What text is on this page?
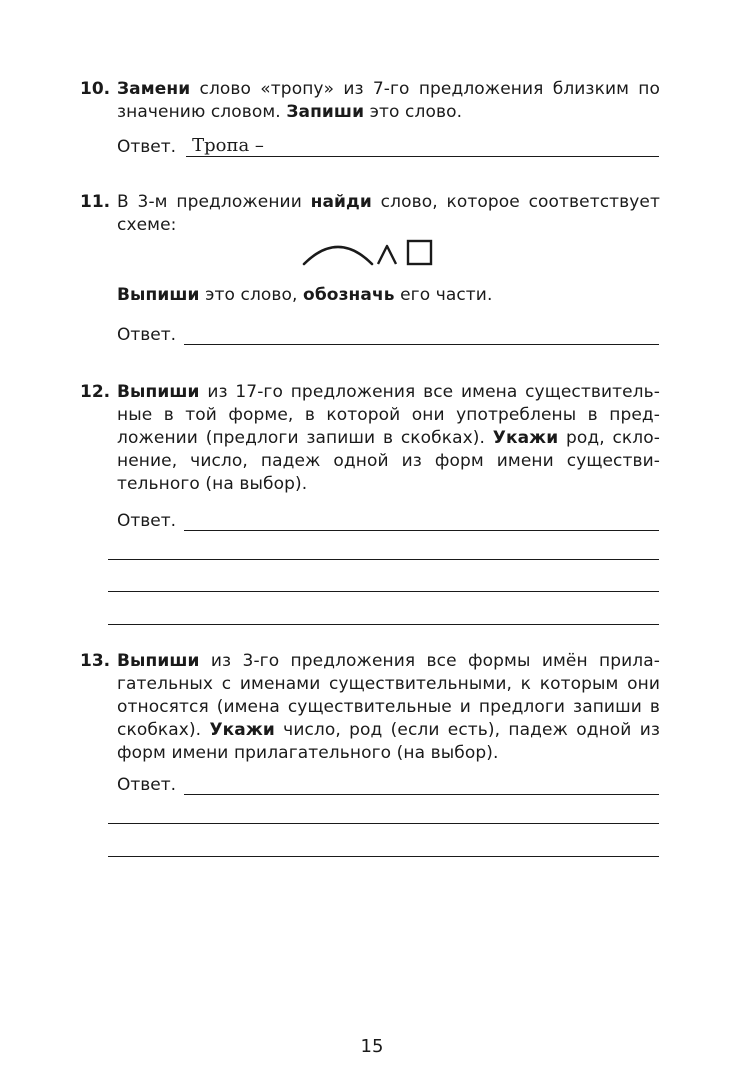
10. Замени слово «тропу» из 7-го предложения близким по
значению словом. Запиши это слово.
Ответ. Тропа –
11. В 3-м предложении найди слово, которое соответствует
схеме:
Выпиши это слово, обозначь его части.
Ответ.
12. Выпиши из 17-го предложения все имена существитель-
ные в той форме, в которой они употреблены в пред-
ложении (предлоги запиши в скобках). Укажи род, скло-
нение, число, падеж одной из форм имени существи-
тельного (на выбор).
Ответ.
13. Выпиши из 3-го предложения все формы имён прила-
гательных с именами существительными, к которым они
относятся (имена существительные и предлоги запиши в
скобках). Укажи число, род (если есть), падеж одной из
форм имени прилагательного (на выбор).
Ответ.
15
